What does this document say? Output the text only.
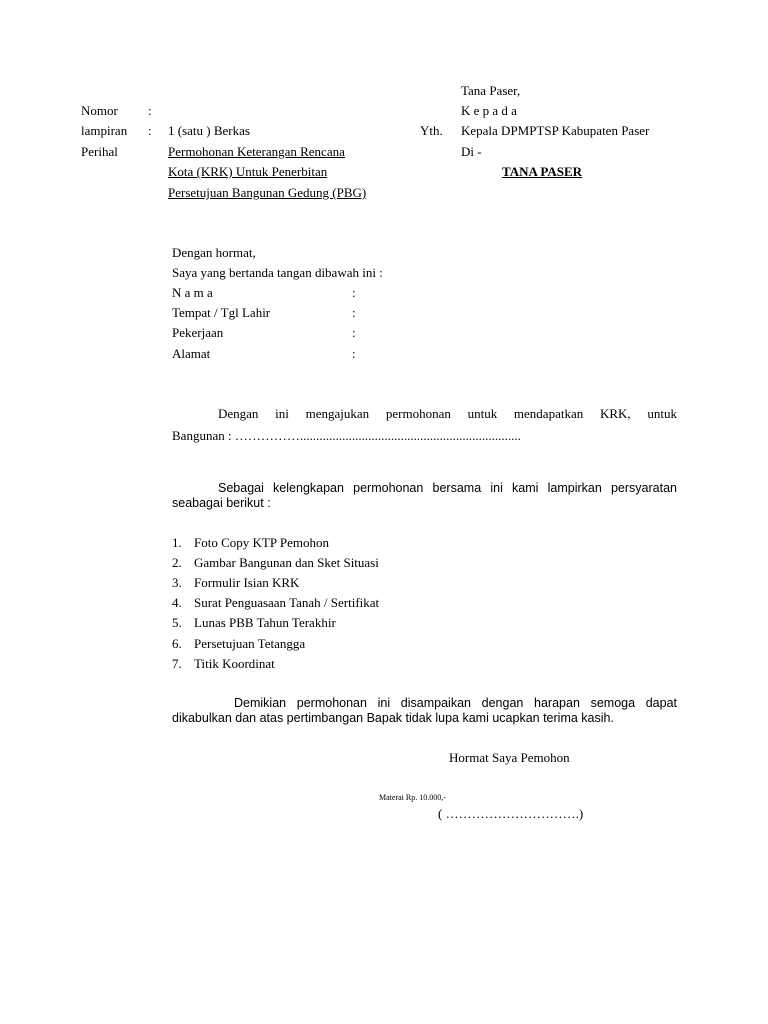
Tana Paser,
K e p a d a
Yth. Kepala DPMPTSP Kabupaten Paser
Di -
TANA PASER
Nomor :
lampiran : 1 (satu ) Berkas
Perihal	Permohonan Keterangan Rencana
Kota (KRK) Untuk Penerbitan
Persetujuan Bangunan Gedung (PBG)
Dengan hormat,
Saya yang bertanda tangan dibawah ini :
N a m a	:
Tempat / Tgl Lahir	:
Pekerjaan	:
Alamat	:
Dengan ini mengajukan permohonan untuk mendapatkan KRK, untuk
Bangunan : ……………....................................................................
Sebagai kelengkapan permohonan bersama ini kami lampirkan persyaratan seabagai berikut :
1. Foto Copy KTP Pemohon
2. Gambar Bangunan dan Sket Situasi
3. Formulir Isian KRK
4. Surat Penguasaan Tanah / Sertifikat
5. Lunas PBB Tahun Terakhir
6. Persetujuan Tetangga
7. Titik Koordinat
Demikian permohonan ini disampaikan dengan harapan semoga dapat dikabulkan dan atas pertimbangan Bapak tidak lupa kami ucapkan terima kasih.
Hormat Saya Pemohon
Materai Rp. 10.000,-
( ………………………….)
